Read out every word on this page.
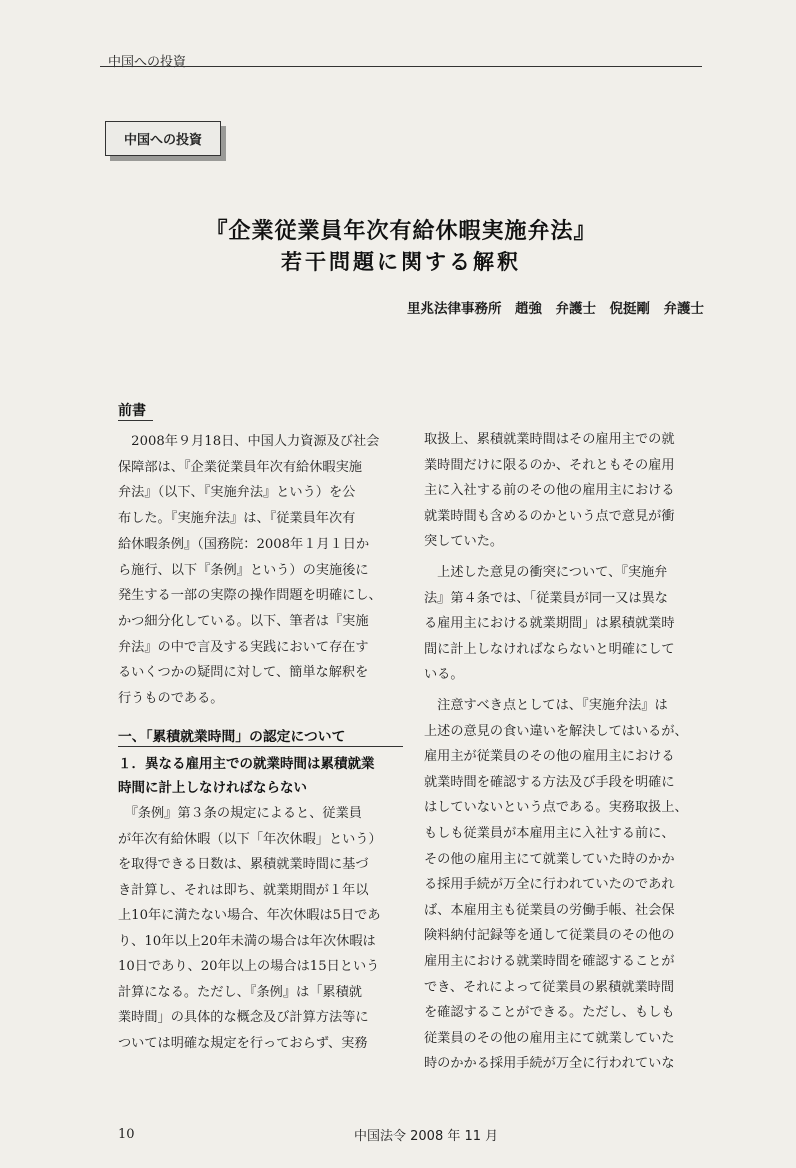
中国への投資
中国への投資
『企業従業員年次有給休暇実施弁法』
若干問題に関する解釈
里兆法律事務所　趙強　弁護士　倪挺剛　弁護士
前書
　2008年９月18日、中国人力資源及び社会
保障部は、『企業従業員年次有給休暇実施
弁法』（以下、『実施弁法』という）を公
布した。『実施弁法』は、『従業員年次有
給休暇条例』（国務院：2008年１月１日か
ら施行、以下『条例』という）の実施後に
発生する一部の実際の操作問題を明確にし、
かつ細分化している。以下、筆者は『実施
弁法』の中で言及する実践において存在す
るいくつかの疑問に対して、簡単な解釈を
行うものである。
一、「累積就業時間」の認定について
１．異なる雇用主での就業時間は累積就業
時間に計上しなければならない
　『条例』第３条の規定によると、従業員
が年次有給休暇（以下「年次休暇」という）
を取得できる日数は、累積就業時間に基づ
き計算し、それは即ち、就業期間が１年以
上10年に満たない場合、年次休暇は5日であ
り、10年以上20年未満の場合は年次休暇は
10日であり、20年以上の場合は15日という
計算になる。ただし、『条例』は「累積就
業時間」の具体的な概念及び計算方法等に
ついては明確な規定を行っておらず、実務
取扱上、累積就業時間はその雇用主での就
業時間だけに限るのか、それともその雇用
主に入社する前のその他の雇用主における
就業時間も含めるのかという点で意見が衝
突していた。
　上述した意見の衝突について、『実施弁
法』第４条では、「従業員が同一又は異な
る雇用主における就業期間」は累積就業時
間に計上しなければならないと明確にして
いる。
　注意すべき点としては、『実施弁法』は
上述の意見の食い違いを解決してはいるが、
雇用主が従業員のその他の雇用主における
就業時間を確認する方法及び手段を明確に
はしていないという点である。実務取扱上、
もしも従業員が本雇用主に入社する前に、
その他の雇用主にて就業していた時のかか
る採用手続が万全に行われていたのであれ
ば、本雇用主も従業員の労働手帳、社会保
険料納付記録等を通して従業員のその他の
雇用主における就業時間を確認することが
でき、それによって従業員の累積就業時間
を確認することができる。ただし、もしも
従業員のその他の雇用主にて就業していた
時のかかる採用手続が万全に行われていな
10	中国法令 2008 年 11 月
